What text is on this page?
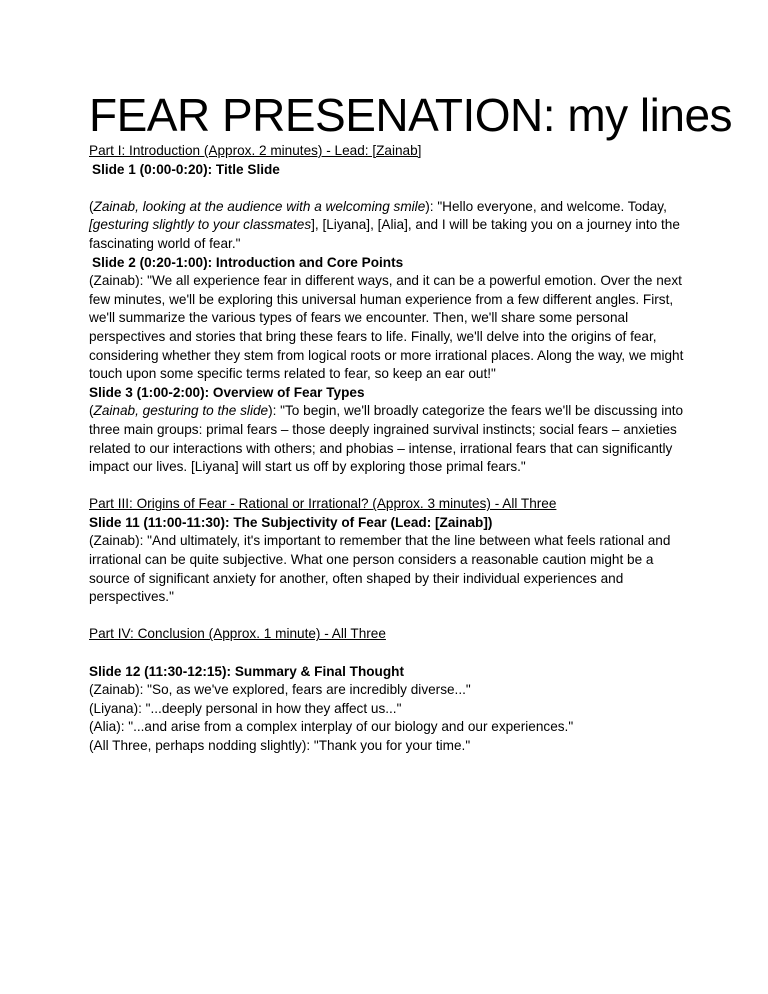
FEAR PRESENATION: my lines

Part I: Introduction (Approx. 2 minutes) - Lead: [Zainab]

Slide 1 (0:00-0:20): Title Slide

(Zainab, looking at the audience with a welcoming smile): "Hello everyone, and welcome. Today, [gesturing slightly to your classmates], [Liyana], [Alia], and I will be taking you on a journey into the fascinating world of fear."

Slide 2 (0:20-1:00): Introduction and Core Points

(Zainab): "We all experience fear in different ways, and it can be a powerful emotion. Over the next few minutes, we'll be exploring this universal human experience from a few different angles. First, we'll summarize the various types of fears we encounter. Then, we'll share some personal perspectives and stories that bring these fears to life. Finally, we'll delve into the origins of fear, considering whether they stem from logical roots or more irrational places. Along the way, we might touch upon some specific terms related to fear, so keep an ear out!"

Slide 3 (1:00-2:00): Overview of Fear Types

(Zainab, gesturing to the slide): "To begin, we'll broadly categorize the fears we'll be discussing into three main groups: primal fears – those deeply ingrained survival instincts; social fears – anxieties related to our interactions with others; and phobias – intense, irrational fears that can significantly impact our lives. [Liyana] will start us off by exploring those primal fears."

Part III: Origins of Fear - Rational or Irrational? (Approx. 3 minutes) - All Three

Slide 11 (11:00-11:30): The Subjectivity of Fear (Lead: [Zainab])

(Zainab): "And ultimately, it's important to remember that the line between what feels rational and irrational can be quite subjective. What one person considers a reasonable caution might be a source of significant anxiety for another, often shaped by their individual experiences and perspectives."

Part IV: Conclusion (Approx. 1 minute) - All Three

Slide 12 (11:30-12:15): Summary & Final Thought

(Zainab): "So, as we've explored, fears are incredibly diverse..."

(Liyana): "...deeply personal in how they affect us..."

(Alia): "...and arise from a complex interplay of our biology and our experiences."

(All Three, perhaps nodding slightly): "Thank you for your time."
